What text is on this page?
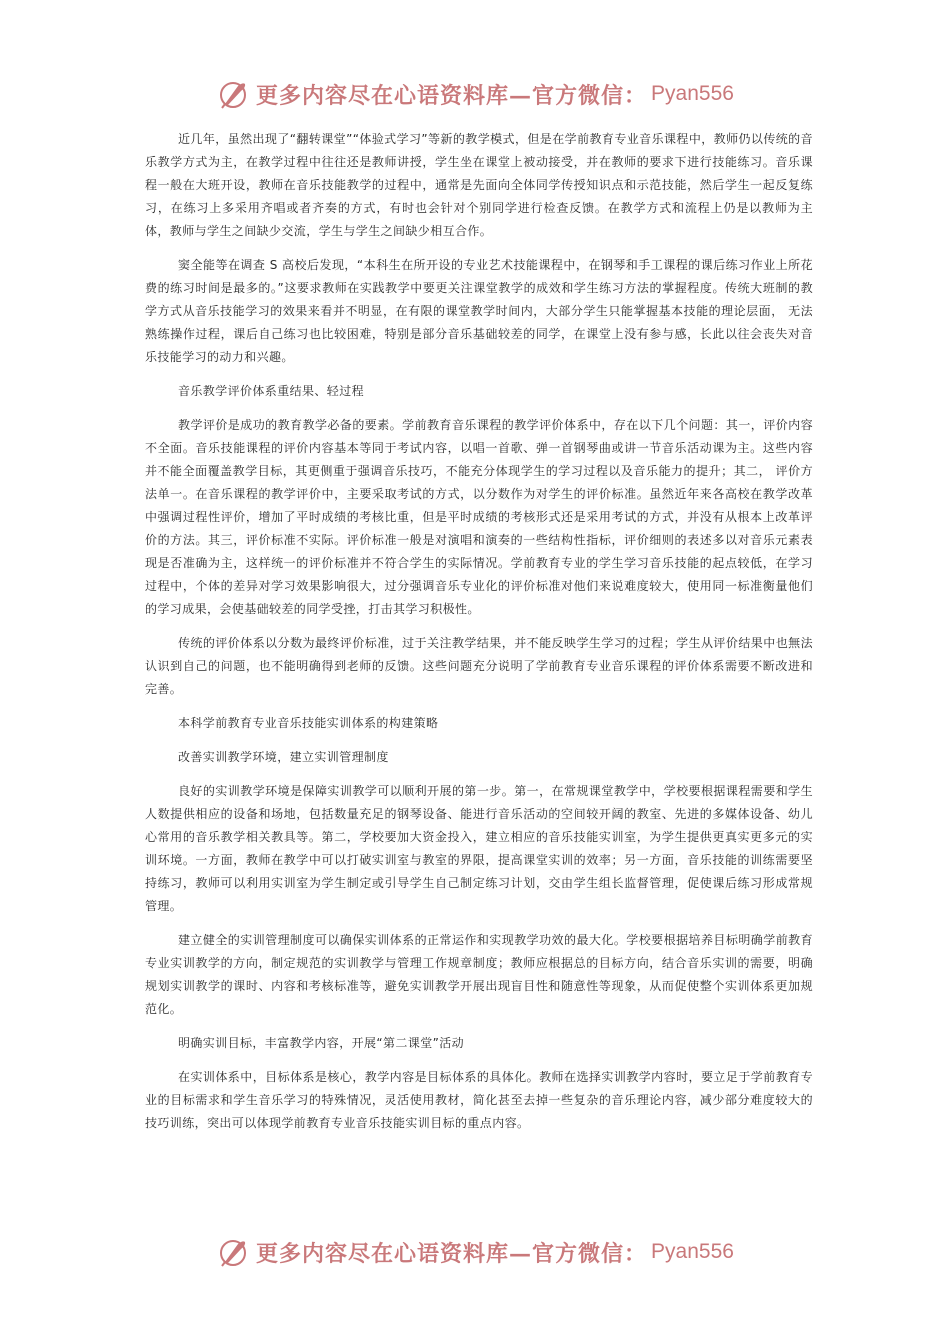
更多内容尽在心语资料库—官方微信： Pyan556

近几年，虽然出现了“翻转课堂”“体验式学习”等新的教学模式，但是在学前教育专业音乐课程中，教师仍以传统的音乐教学方式为主，在教学过程中往往还是教师讲授，学生坐在课堂上被动接受，并在教师的要求下进行技能练习。音乐课程一般在大班开设，教师在音乐技能教学的过程中，通常是先面向全体同学传授知识点和示范技能，然后学生一起反复练习，在练习上多采用齐唱或者齐奏的方式，有时也会针对个别同学进行检查反馈。在教学方式和流程上仍是以教师为主体，教师与学生之间缺少交流，学生与学生之间缺少相互合作。

窦全能等在调查 S 高校后发现，“本科生在所开设的专业艺术技能课程中，在钢琴和手工课程的课后练习作业上所花费的练习时间是最多的。”这要求教师在实践教学中要更关注课堂教学的成效和学生练习方法的掌握程度。传统大班制的教学方式从音乐技能学习的效果来看并不明显，在有限的课堂教学时间内，大部分学生只能掌握基本技能的理论层面， 无法熟练操作过程，课后自己练习也比较困难，特别是部分音乐基础较差的同学，在课堂上没有参与感，长此以往会丧失对音乐技能学习的动力和兴趣。

音乐教学评价体系重结果、轻过程

教学评价是成功的教育教学必备的要素。学前教育音乐课程的教学评价体系中，存在以下几个问题：其一，评价内容不全面。音乐技能课程的评价内容基本等同于考试内容，以唱一首歌、弹一首钢琴曲或讲一节音乐活动课为主。这些内容并不能全面覆盖教学目标，其更侧重于强调音乐技巧，不能充分体现学生的学习过程以及音乐能力的提升；其二， 评价方法单一。在音乐课程的教学评价中，主要采取考试的方式，以分数作为对学生的评价标准。虽然近年来各高校在教学改革中强调过程性评价，增加了平时成绩的考核比重，但是平时成绩的考核形式还是采用考试的方式，并没有从根本上改革评价的方法。其三，评价标准不实际。评价标准一般是对演唱和演奏的一些结构性指标，评价细则的表述多以对音乐元素表现是否准确为主，这样统一的评价标准并不符合学生的实际情况。学前教育专业的学生学习音乐技能的起点较低，在学习过程中，个体的差异对学习效果影响很大，过分强调音乐专业化的评价标准对他们来说难度较大，使用同一标准衡量他们的学习成果，会使基础较差的同学受挫，打击其学习积极性。

传统的评价体系以分数为最终评价标准，过于关注教学结果，并不能反映学生学习的过程；学生从评价结果中也無法认识到自己的问题，也不能明确得到老师的反馈。这些问题充分说明了学前教育专业音乐课程的评价体系需要不断改进和完善。

本科学前教育专业音乐技能实训体系的构建策略

改善实训教学环境，建立实训管理制度

良好的实训教学环境是保障实训教学可以顺利开展的第一步。第一，在常规课堂教学中，学校要根据课程需要和学生人数提供相应的设备和场地，包括数量充足的钢琴设备、能进行音乐活动的空间较开阔的教室、先进的多媒体设备、幼儿心常用的音乐教学相关教具等。第二，学校要加大资金投入，建立相应的音乐技能实训室，为学生提供更真实更多元的实训环境。一方面，教师在教学中可以打破实训室与教室的界限，提高课堂实训的效率；另一方面，音乐技能的训练需要坚持练习，教师可以利用实训室为学生制定或引导学生自己制定练习计划，交由学生组长监督管理，促使课后练习形成常规管理。

建立健全的实训管理制度可以确保实训体系的正常运作和实现教学功效的最大化。学校要根据培养目标明确学前教育专业实训教学的方向，制定规范的实训教学与管理工作规章制度；教师应根据总的目标方向，结合音乐实训的需要，明确规划实训教学的课时、内容和考核标准等，避免实训教学开展出现盲目性和随意性等现象，从而促使整个实训体系更加规范化。

明确实训目标，丰富教学内容，开展“第二课堂”活动

在实训体系中，目标体系是核心，教学内容是目标体系的具体化。教师在选择实训教学内容时，要立足于学前教育专业的目标需求和学生音乐学习的特殊情况，灵活使用教材，简化甚至去掉一些复杂的音乐理论内容，减少部分难度较大的技巧训练，突出可以体现学前教育专业音乐技能实训目标的重点内容。

更多内容尽在心语资料库—官方微信： Pyan556
